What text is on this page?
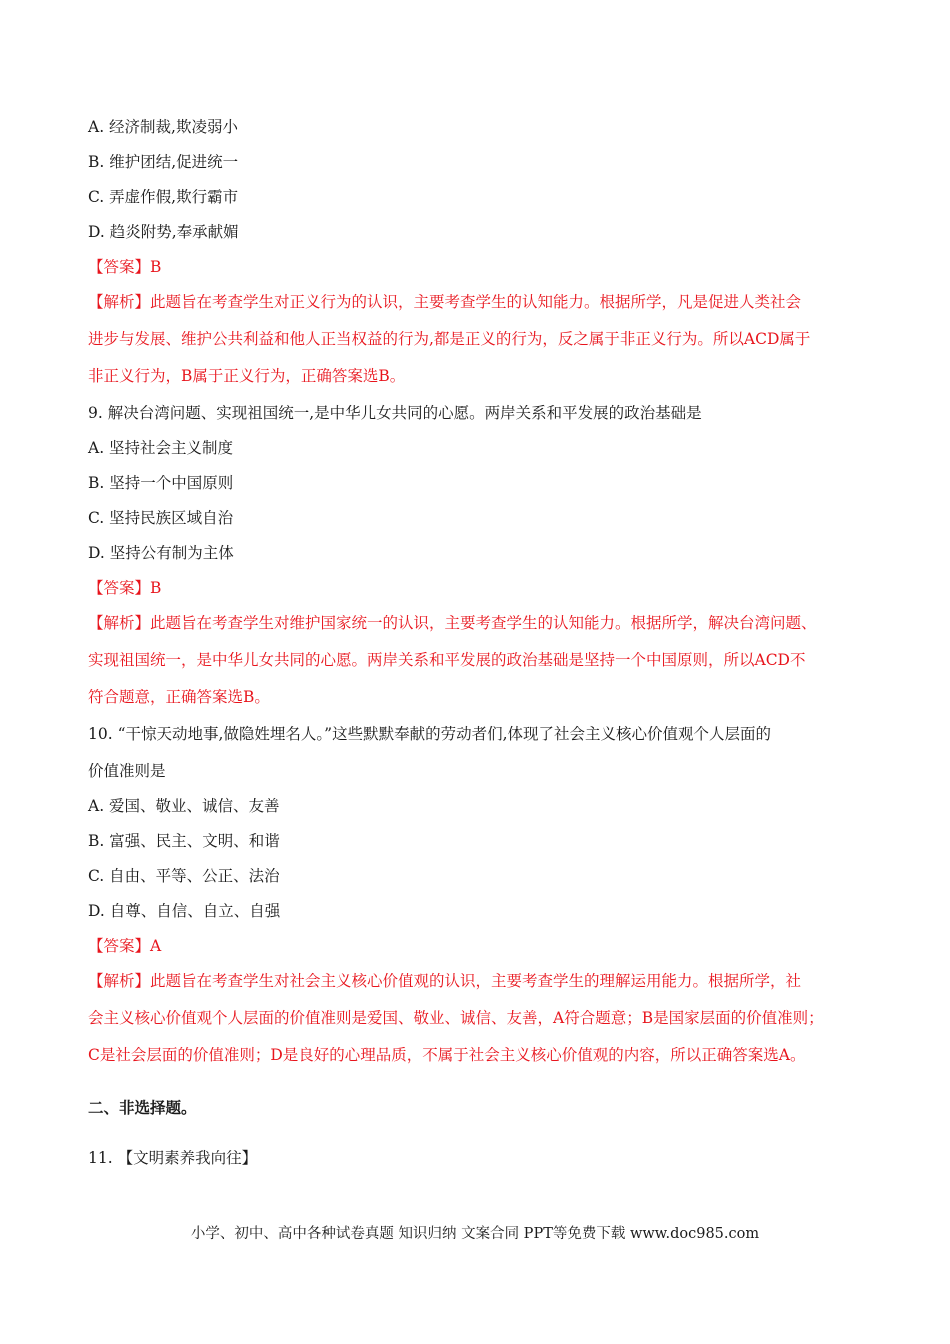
A. 经济制裁,欺凌弱小
B. 维护团结,促进统一
C. 弄虚作假,欺行霸市
D. 趋炎附势,奉承献媚
【答案】B
【解析】此题旨在考查学生对正义行为的认识，主要考查学生的认知能力。根据所学，凡是促进人类社会
进步与发展、维护公共利益和他人正当权益的行为,都是正义的行为，反之属于非正义行为。所以ACD属于
非正义行为，B属于正义行为，正确答案选B。
9. 解决台湾问题、实现祖国统一,是中华儿女共同的心愿。两岸关系和平发展的政治基础是
A. 坚持社会主义制度
B. 坚持一个中国原则
C. 坚持民族区域自治
D. 坚持公有制为主体
【答案】B
【解析】此题旨在考查学生对维护国家统一的认识，主要考查学生的认知能力。根据所学，解决台湾问题、
实现祖国统一，是中华儿女共同的心愿。两岸关系和平发展的政治基础是坚持一个中国原则，所以ACD不
符合题意，正确答案选B。
10. “干惊天动地事,做隐姓埋名人。”这些默默奉献的劳动者们,体现了社会主义核心价值观个人层面的
价值准则是
A. 爱国、敬业、诚信、友善
B. 富强、民主、文明、和谐
C. 自由、平等、公正、法治
D. 自尊、自信、自立、自强
【答案】A
【解析】此题旨在考查学生对社会主义核心价值观的认识，主要考查学生的理解运用能力。根据所学，社
会主义核心价值观个人层面的价值准则是爱国、敬业、诚信、友善，A符合题意；B是国家层面的价值准则；
C是社会层面的价值准则；D是良好的心理品质，不属于社会主义核心价值观的内容，所以正确答案选A。
二、非选择题。
11. 【文明素养我向往】
小学、初中、高中各种试卷真题 知识归纳 文案合同 PPT等免费下载 www.doc985.com
